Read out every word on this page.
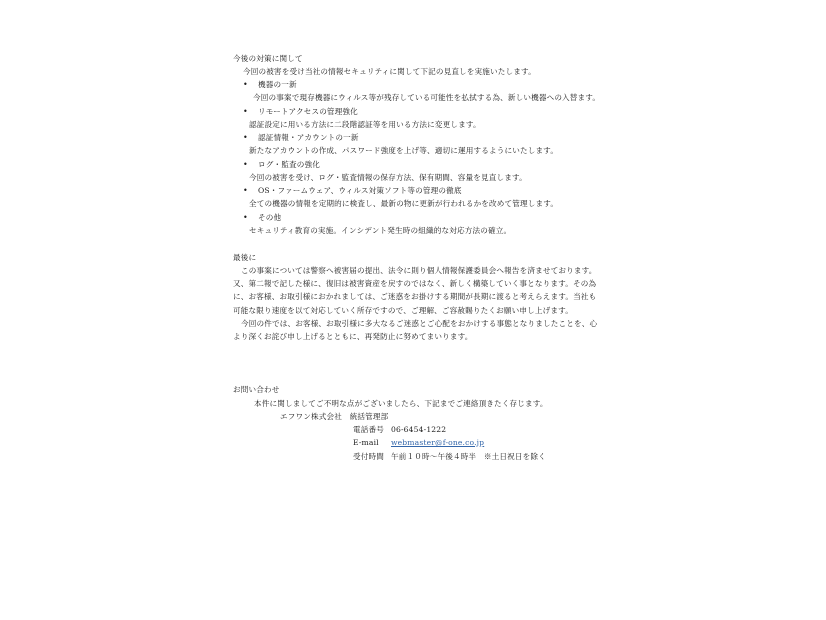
今後の対策に関して
今回の被害を受け当社の情報セキュリティに関して下記の見直しを実施いたします。
• 機器の一新
今回の事案で現存機器にウィルス等が残存している可能性を払拭する為、新しい機器への入替ます。
• リモートアクセスの管理強化
認証設定に用いる方法に二段階認証等を用いる方法に変更します。
• 認証情報・アカウントの一新
新たなアカウントの作成、パスワード強度を上げ等、適切に運用するようにいたします。
• ログ・監査の強化
今回の被害を受け、ログ・監査情報の保存方法、保有期間、容量を見直します。
• OS・ファームウェア、ウィルス対策ソフト等の管理の徹底
全ての機器の情報を定期的に検査し、最新の物に更新が行われるかを改めて管理します。
• その他
セキュリティ教育の実施。インシデント発生時の組織的な対応方法の確立。
最後に
この事案については警察へ被害届の提出、法令に則り個人情報保護委員会へ報告を済ませております。
又、第二報で記した様に、復旧は被害資産を戻すのではなく、新しく構築していく事となります。その為
に、お客様、お取引様におかれましては、ご迷惑をお掛けする期間が長期に渡ると考えらえます。当社も
可能な限り速度を以て対応していく所存ですので、ご理解、ご容赦賜りたくお願い申し上げます。
今回の件では、お客様、お取引様に多大なるご迷惑とご心配をおかけする事態となりましたことを、心
より深くお詫び申し上げるとともに、再発防止に努めてまいります。
お問い合わせ
本件に関しましてご不明な点がございましたら、下記までご連絡頂きたく存じます。
エフワン株式会社　統括管理部
電話番号 06-6454-1222
E-mail webmaster@f-one.co.jp
受付時間 午前１０時〜午後４時半　※土日祝日を除く
